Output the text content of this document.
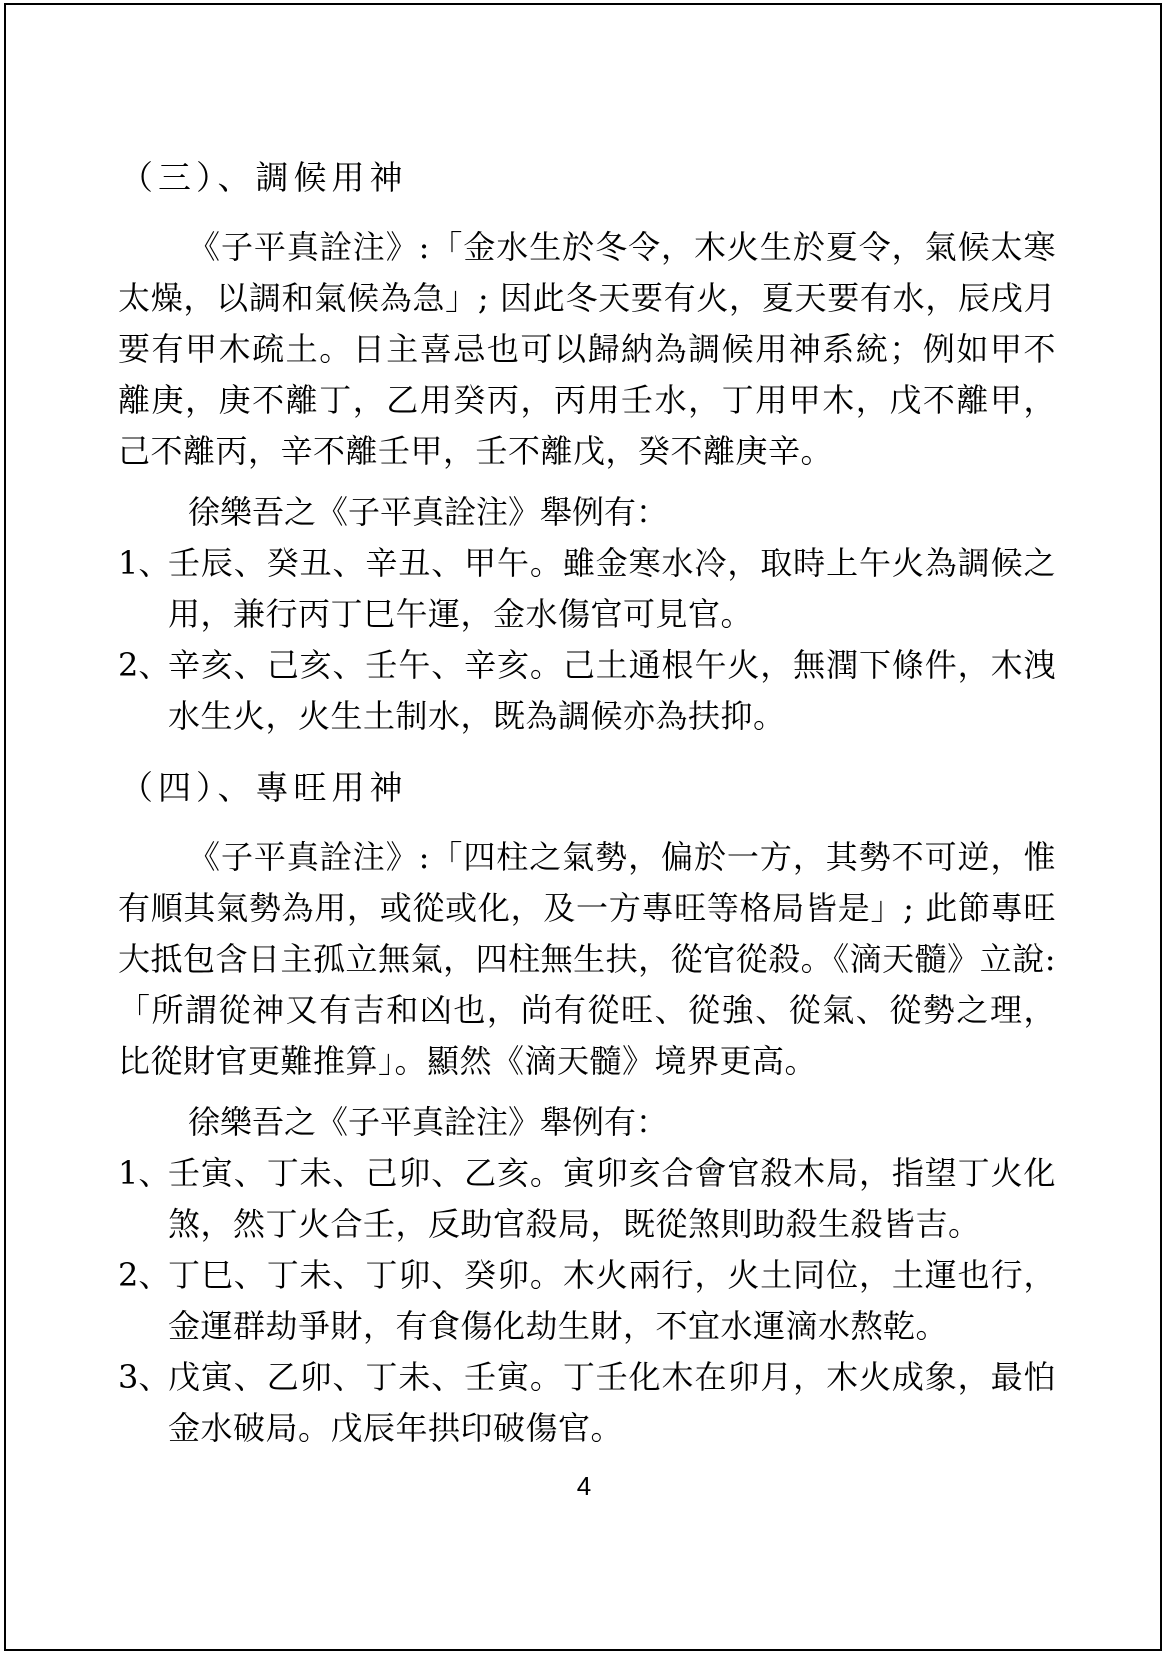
（三）、調候用神

《子平真詮注》:「金水生於冬令，木火生於夏令，氣候太寒太燥，以調和氣候為急」; 因此冬天要有火，夏天要有水，辰戌月要有甲木疏土。日主喜忌也可以歸納為調候用神系統；例如甲不離庚，庚不離丁，乙用癸丙，丙用壬水，丁用甲木，戊不離甲，己不離丙，辛不離壬甲，壬不離戊，癸不離庚辛。

徐樂吾之《子平真詮注》舉例有：

1、
壬辰、癸丑、辛丑、甲午。雖金寒水冷，取時上午火為調候之用，兼行丙丁巳午運，金水傷官可見官。
2、
辛亥、己亥、壬午、辛亥。己土通根午火，無潤下條件，木洩水生火，火生土制水，既為調候亦為扶抑。
（四）、專旺用神

《子平真詮注》:「四柱之氣勢，偏於一方，其勢不可逆，惟有順其氣勢為用，或從或化，及一方專旺等格局皆是」; 此節專旺大抵包含日主孤立無氣，四柱無生扶，從官從殺。《滴天髓》立說:「所謂從神又有吉和凶也，尚有從旺、從強、從氣、從勢之理，比從財官更難推算」。顯然《滴天髓》境界更高。

徐樂吾之《子平真詮注》舉例有：

1、
壬寅、丁未、己卯、乙亥。寅卯亥合會官殺木局，指望丁火化煞，然丁火合壬，反助官殺局，既從煞則助殺生殺皆吉。
2、
丁巳、丁未、丁卯、癸卯。木火兩行，火土同位，土運也行，金運群劫爭財，有食傷化劫生財，不宜水運滴水熬乾。
3、
戊寅、乙卯、丁未、壬寅。丁壬化木在卯月，木火成象，最怕金水破局。戊辰年拱印破傷官。
4
